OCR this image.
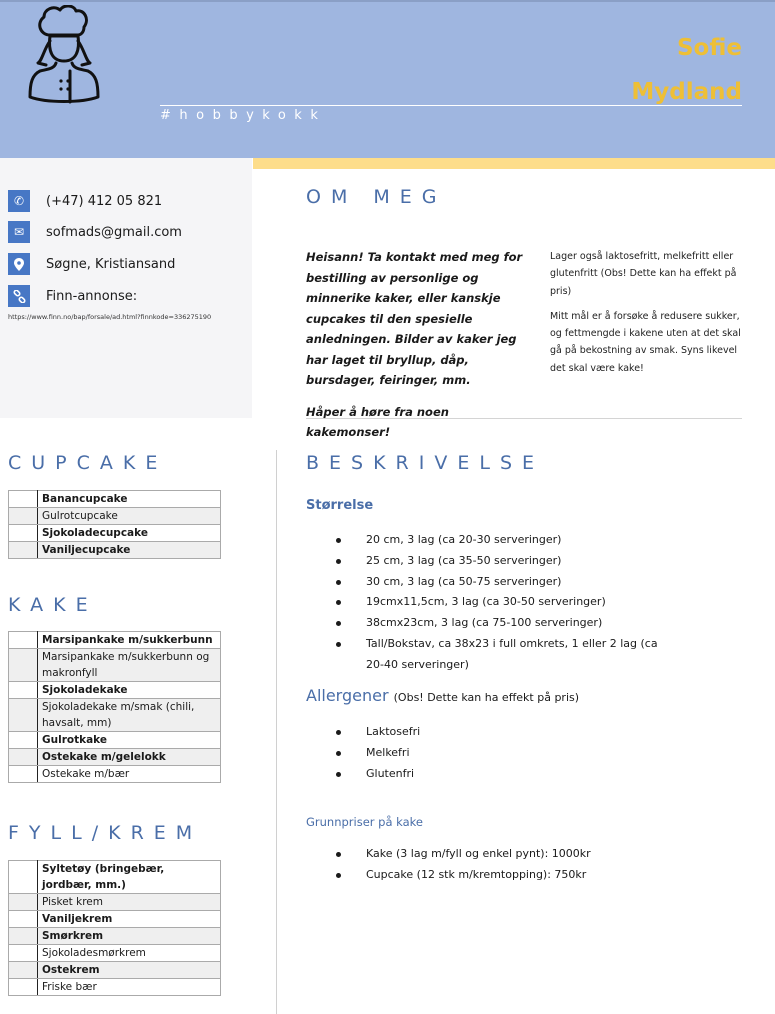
Sofie
Mydland
#hobbykokk
✆	(+47) 412 05 821
✉	sofmads@gmail.com
Søgne, Kristiansand
Finn-annonse:
https://www.finn.no/bap/forsale/ad.html?finnkode=336275190
OM MEG

Heisann! Ta kontakt med meg for bestilling av personlige og minnerike kaker, eller kanskje cupcakes til den spesielle anledningen. Bilder av kaker jeg har laget til bryllup, dåp, bursdager, feiringer, mm.

Håper å høre fra noen kakemonser!

Lager også laktosefritt, melkefritt eller glutenfritt (Obs! Dette kan ha effekt på pris)

Mitt mål er å forsøke å redusere sukker, og fettmengde i kakene uten at det skal gå på bekostning av smak. Syns likevel det skal være kake!

CUPCAKE
	Banancupcake
	Gulrotcupcake
	Sjokoladecupcake
	Vaniljecupcake
KAKE
	Marsipankake m/sukkerbunn
	Marsipankake m/sukkerbunn og makronfyll
	Sjokoladekake
	Sjokoladekake m/smak (chili, havsalt, mm)
	Gulrotkake
	Ostekake m/gelelokk
	Ostekake m/bær
FYLL/KREM
	Syltetøy (bringebær, jordbær, mm.)
	Pisket krem
	Vaniljekrem
	Smørkrem
	Sjokoladesmørkrem
	Ostekrem
	Friske bær
BESKRIVELSE
Størrelse
20 cm, 3 lag (ca 20-30 serveringer)
25 cm, 3 lag (ca 35-50 serveringer)
30 cm, 3 lag (ca 50-75 serveringer)
19cmx11,5cm, 3 lag (ca 30-50 serveringer)
38cmx23cm, 3 lag (ca 75-100 serveringer)
Tall/Bokstav, ca 38x23 i full omkrets, 1 eller 2 lag (ca 20-40 serveringer)
Allergener (Obs! Dette kan ha effekt på pris)
Laktosefri
Melkefri
Glutenfri
Grunnpriser på kake
Kake (3 lag m/fyll og enkel pynt): 1000kr
Cupcake (12 stk m/kremtopping): 750kr
